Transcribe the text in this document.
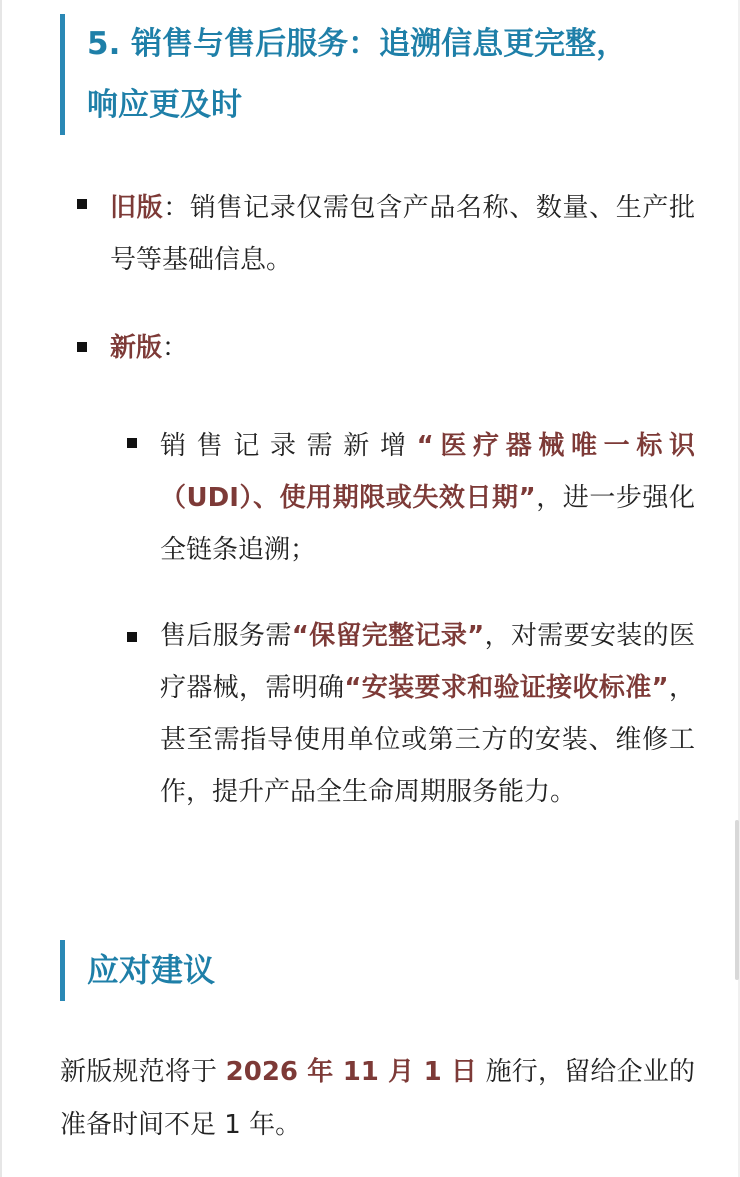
5. 销售与售后服务：追溯信息更完整，
响应更及时
旧版：销售记录仅需包含产品名称、数量、生产批号等基础信息。
新版：
销售记录需新增“医疗器械唯一标识（UDI）、使用期限或失效日期”，进一步强化全链条追溯；
售后服务需“保留完整记录”，对需要安装的医疗器械，需明确“安装要求和验证接收标准”，甚至需指导使用单位或第三方的安装、维修工作，提升产品全生命周期服务能力。
应对建议
新版规范将于 2026 年 11 月 1 日 施行，留给企业的准备时间不足 1 年。
